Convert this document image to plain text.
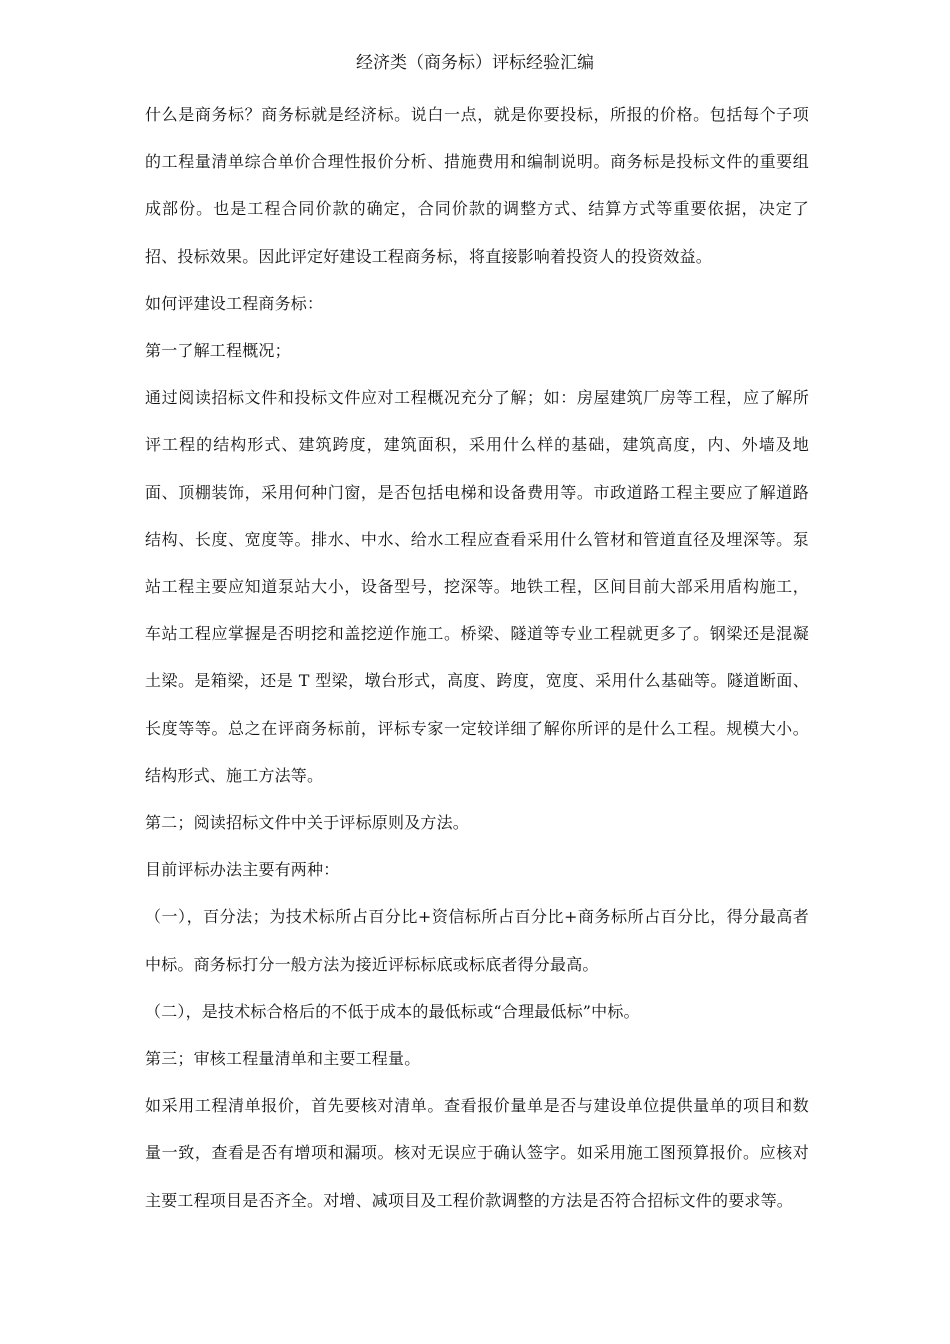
经济类（商务标）评标经验汇编

什么是商务标？商务标就是经济标。说白一点，就是你要投标，所报的价格。包括每个子项的工程量清单综合单价合理性报价分析、措施费用和编制说明。商务标是投标文件的重要组成部份。也是工程合同价款的确定，合同价款的调整方式、结算方式等重要依据，决定了招、投标效果。因此评定好建设工程商务标，将直接影响着投资人的投资效益。

如何评建设工程商务标：

第一了解工程概况；

通过阅读招标文件和投标文件应对工程概况充分了解；如：房屋建筑厂房等工程，应了解所评工程的结构形式、建筑跨度，建筑面积，采用什么样的基础，建筑高度，内、外墙及地面、顶棚装饰，采用何种门窗，是否包括电梯和设备费用等。市政道路工程主要应了解道路结构、长度、宽度等。排水、中水、给水工程应查看采用什么管材和管道直径及埋深等。泵站工程主要应知道泵站大小，设备型号，挖深等。地铁工程，区间目前大部采用盾构施工，车站工程应掌握是否明挖和盖挖逆作施工。桥梁、隧道等专业工程就更多了。钢梁还是混凝土梁。是箱梁，还是 T 型梁，墩台形式，高度、跨度，宽度、采用什么基础等。隧道断面、长度等等。总之在评商务标前，评标专家一定较详细了解你所评的是什么工程。规模大小。结构形式、施工方法等。

第二；阅读招标文件中关于评标原则及方法。

目前评标办法主要有两种：

（一），百分法；为技术标所占百分比+资信标所占百分比+商务标所占百分比，得分最高者中标。商务标打分一般方法为接近评标标底或标底者得分最高。

（二），是技术标合格后的不低于成本的最低标或“合理最低标”中标。

第三；审核工程量清单和主要工程量。

如采用工程清单报价，首先要核对清单。查看报价量单是否与建设单位提供量单的项目和数量一致，查看是否有增项和漏项。核对无误应于确认签字。如采用施工图预算报价。应核对主要工程项目是否齐全。对增、减项目及工程价款调整的方法是否符合招标文件的要求等。
